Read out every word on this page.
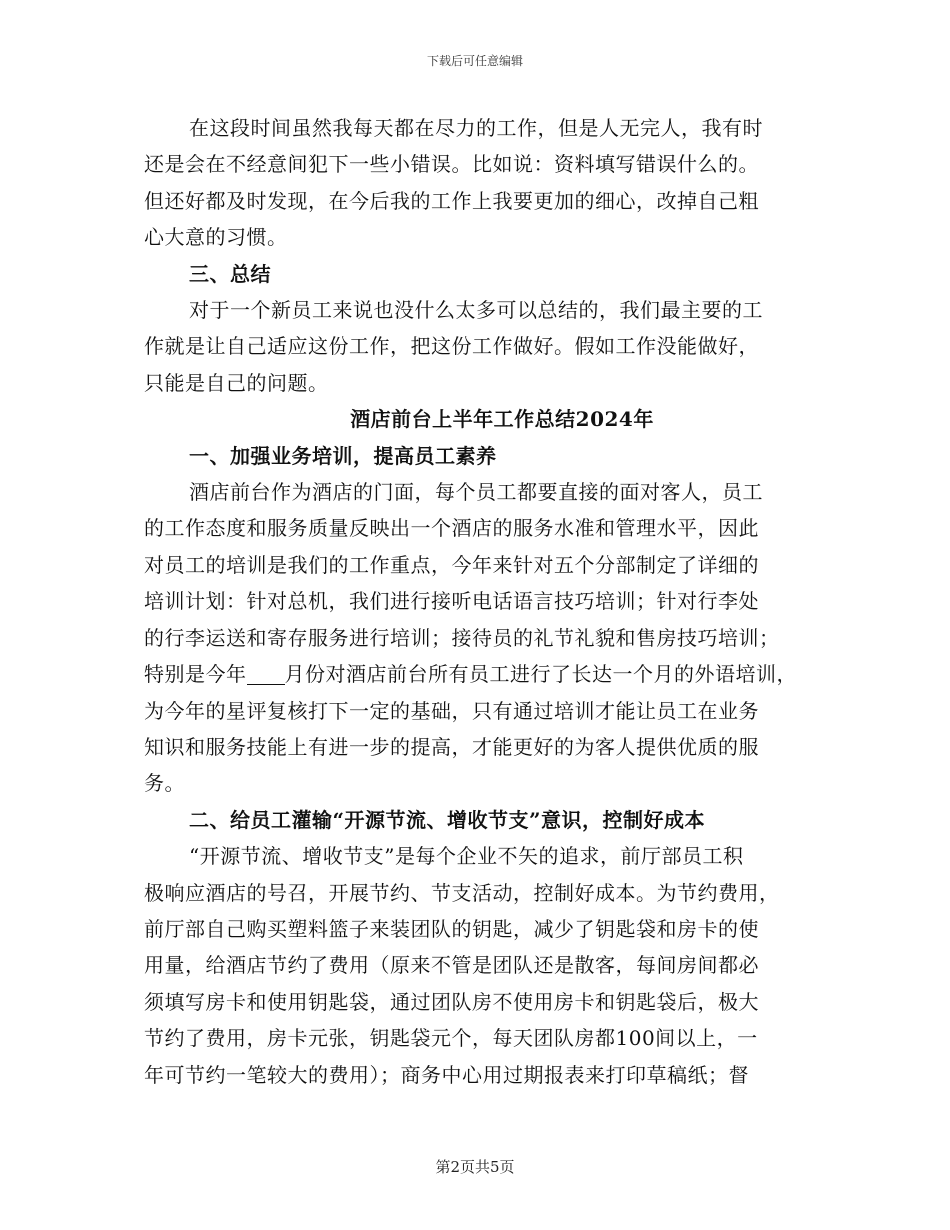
下载后可任意编辑

在这段时间虽然我每天都在尽力的工作，但是人无完人，我有时

还是会在不经意间犯下一些小错误。比如说：资料填写错误什么的。

但还好都及时发现，在今后我的工作上我要更加的细心，改掉自己粗

心大意的习惯。

三、总结

对于一个新员工来说也没什么太多可以总结的，我们最主要的工

作就是让自己适应这份工作，把这份工作做好。假如工作没能做好，

只能是自己的问题。

酒店前台上半年工作总结2024年

一、加强业务培训，提高员工素养

酒店前台作为酒店的门面，每个员工都要直接的面对客人，员工

的工作态度和服务质量反映出一个酒店的服务水准和管理水平，因此

对员工的培训是我们的工作重点，今年来针对五个分部制定了详细的

培训计划：针对总机，我们进行接听电话语言技巧培训；针对行李处

的行李运送和寄存服务进行培训；接待员的礼节礼貌和售房技巧培训；

特别是今年 月份对酒店前台所有员工进行了长达一个月的外语培训，

为今年的星评复核打下一定的基础，只有通过培训才能让员工在业务

知识和服务技能上有进一步的提高，才能更好的为客人提供优质的服

务。

二、给员工灌输“开源节流、增收节支”意识，控制好成本

“开源节流、增收节支”是每个企业不矢的追求，前厅部员工积

极响应酒店的号召，开展节约、节支活动，控制好成本。为节约费用，

前厅部自己购买塑料篮子来装团队的钥匙，减少了钥匙袋和房卡的使

用量，给酒店节约了费用（原来不管是团队还是散客，每间房间都必

须填写房卡和使用钥匙袋，通过团队房不使用房卡和钥匙袋后，极大

节约了费用，房卡元张，钥匙袋元个，每天团队房都100间以上，一

年可节约一笔较大的费用）；商务中心用过期报表来打印草稿纸；督

第2页共5页
